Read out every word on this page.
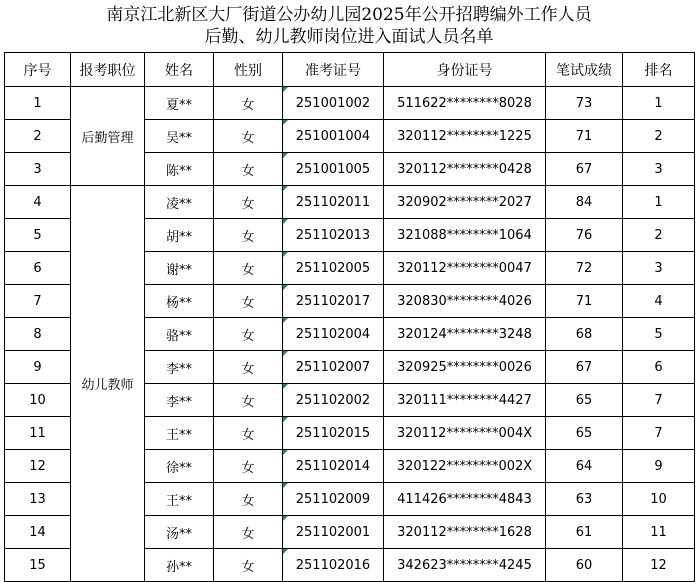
南京江北新区大厂街道公办幼儿园2025年公开招聘编外工作人员
后勤、幼儿教师岗位进入面试人员名单
序号	报考职位	姓名	性别	准考证号	身份证号	笔试成绩	排名
1	后勤管理	夏**	女	251001002	511622********8028	73	1
2		吴**	女	251001004	320112********1225	71	2
3		陈**	女	251001005	320112********0428	67	3
4	幼儿教师	凌**	女	251102011	320902********2027	84	1
5		胡**	女	251102013	321088********1064	76	2
6		谢**	女	251102005	320112********0047	72	3
7		杨**	女	251102017	320830********4026	71	4
8		骆**	女	251102004	320124********3248	68	5
9		李**	女	251102007	320925********0026	67	6
10		李**	女	251102002	320111********4427	65	7
11		王**	女	251102015	320112********004X	65	7
12		徐**	女	251102014	320122********002X	64	9
13		王**	女	251102009	411426********4843	63	10
14		汤**	女	251102001	320112********1628	61	11
15		孙**	女	251102016	342623********4245	60	12
